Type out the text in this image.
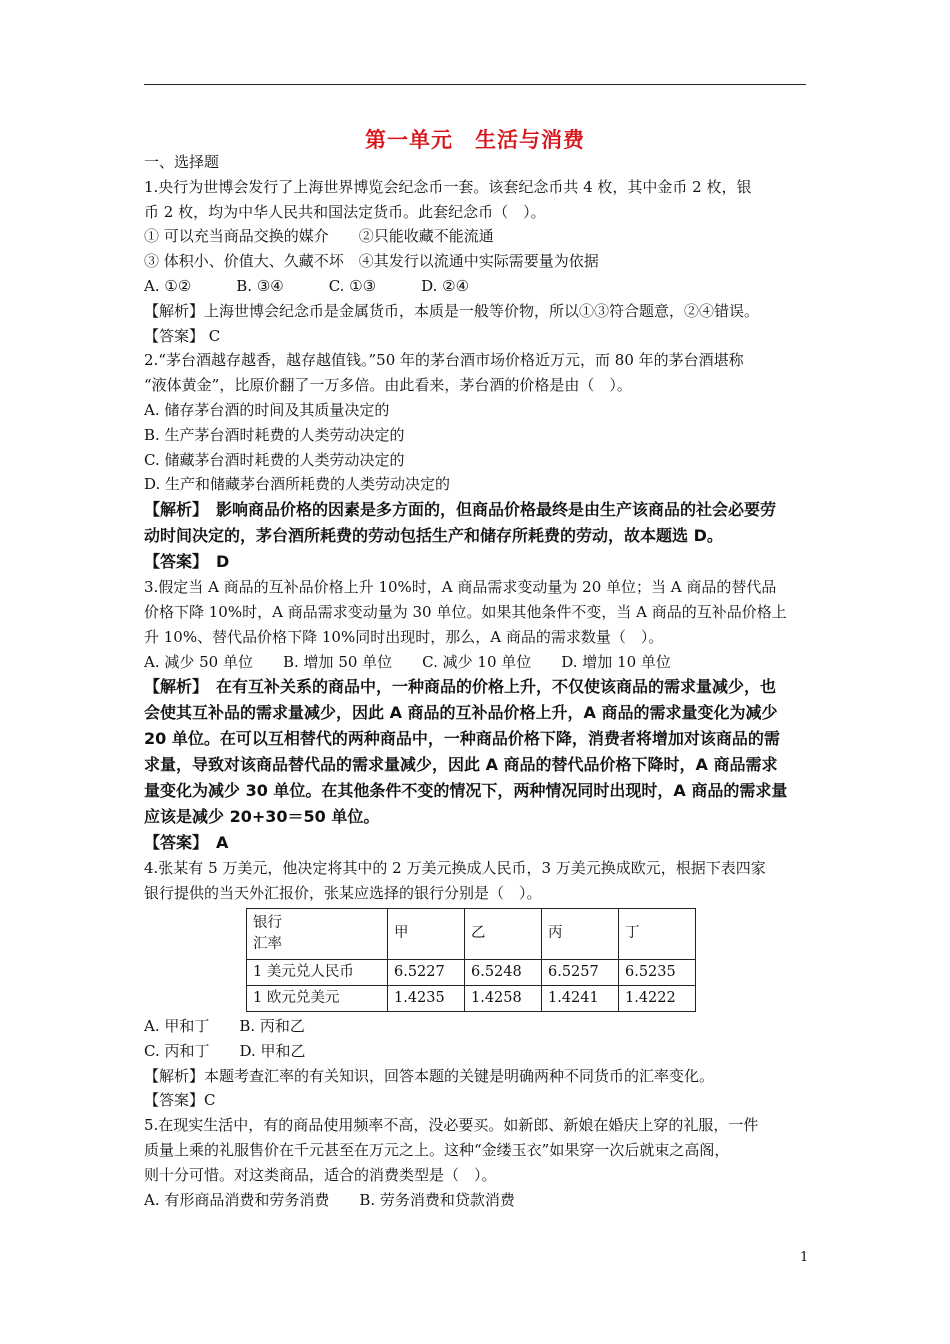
第一单元　生活与消费
一、选择题
1.央行为世博会发行了上海世界博览会纪念币一套。该套纪念币共 4 枚，其中金币 2 枚，银
币 2 枚，均为中华人民共和国法定货币。此套纪念币（　）。
① 可以充当商品交换的媒介　　②只能收藏不能流通
③ 体积小、价值大、久藏不坏　④其发行以流通中实际需要量为依据
A. ①②　　　B. ③④　　　C. ①③　　　D. ②④
【解析】上海世博会纪念币是金属货币，本质是一般等价物，所以①③符合题意，②④错误。
【答案】 C
2.“茅台酒越存越香，越存越值钱。”50 年的茅台酒市场价格近万元，而 80 年的茅台酒堪称
“液体黄金”，比原价翻了一万多倍。由此看来，茅台酒的价格是由（　）。
A. 储存茅台酒的时间及其质量决定的
B. 生产茅台酒时耗费的人类劳动决定的
C. 储藏茅台酒时耗费的人类劳动决定的
D. 生产和储藏茅台酒所耗费的人类劳动决定的
【解析】　影响商品价格的因素是多方面的，但商品价格最终是由生产该商品的社会必要劳
动时间决定的，茅台酒所耗费的劳动包括生产和储存所耗费的劳动，故本题选 D。
【答案】　D
3.假定当 A 商品的互补品价格上升 10%时，A 商品需求变动量为 20 单位；当 A 商品的替代品
价格下降 10%时，A 商品需求变动量为 30 单位。如果其他条件不变，当 A 商品的互补品价格上
升 10%、替代品价格下降 10%同时出现时，那么，A 商品的需求数量（　）。
A. 减少 50 单位　　B. 增加 50 单位　　C. 减少 10 单位　　D. 增加 10 单位
【解析】　在有互补关系的商品中，一种商品的价格上升，不仅使该商品的需求量减少，也
会使其互补品的需求量减少，因此 A 商品的互补品价格上升，A 商品的需求量变化为减少
20 单位。在可以互相替代的两种商品中，一种商品价格下降，消费者将增加对该商品的需
求量，导致对该商品替代品的需求量减少，因此 A 商品的替代品价格下降时，A 商品需求
量变化为减少 30 单位。在其他条件不变的情况下，两种情况同时出现时，A 商品的需求量
应该是减少 20+30＝50 单位。
【答案】　A
4.张某有 5 万美元，他决定将其中的 2 万美元换成人民币，3 万美元换成欧元，根据下表四家
银行提供的当天外汇报价，张某应选择的银行分别是（　）。
银行
汇率	甲	乙	丙	丁
1 美元兑人民币	6.5227	6.5248	6.5257	6.5235
1 欧元兑美元	1.4235	1.4258	1.4241	1.4222
A. 甲和丁　　B. 丙和乙
C. 丙和丁　　D. 甲和乙
【解析】本题考查汇率的有关知识，回答本题的关键是明确两种不同货币的汇率变化。
【答案】C
5.在现实生活中，有的商品使用频率不高，没必要买。如新郎、新娘在婚庆上穿的礼服，一件
质量上乘的礼服售价在千元甚至在万元之上。这种“金缕玉衣”如果穿一次后就束之高阁，
则十分可惜。对这类商品，适合的消费类型是（　）。
A. 有形商品消费和劳务消费　　B. 劳务消费和贷款消费
1
